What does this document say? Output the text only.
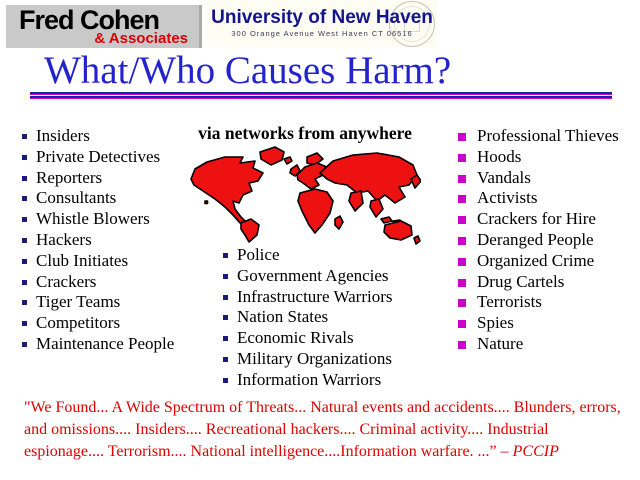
Fred Cohen
& Associates
University of New Haven
300 Orange Avenue West Haven CT 06516
What/Who Causes Harm?
Insiders
Private Detectives
Reporters
Consultants
Whistle Blowers
Hackers
Club Initiates
Crackers
Tiger Teams
Competitors
Maintenance People
via networks from anywhere
Police
Government Agencies
Infrastructure Warriors
Nation States
Economic Rivals
Military Organizations
Information Warriors
Professional Thieves
Hoods
Vandals
Activists
Crackers for Hire
Deranged People
Organized Crime
Drug Cartels
Terrorists
Spies
Nature
"We Found... A Wide Spectrum of Threats... Natural events and accidents.... Blunders, errors, and omissions.... Insiders.... Recreational hackers.... Criminal activity.... Industrial espionage.... Terrorism.... National intelligence....Information warfare. ...” – PCCIP
